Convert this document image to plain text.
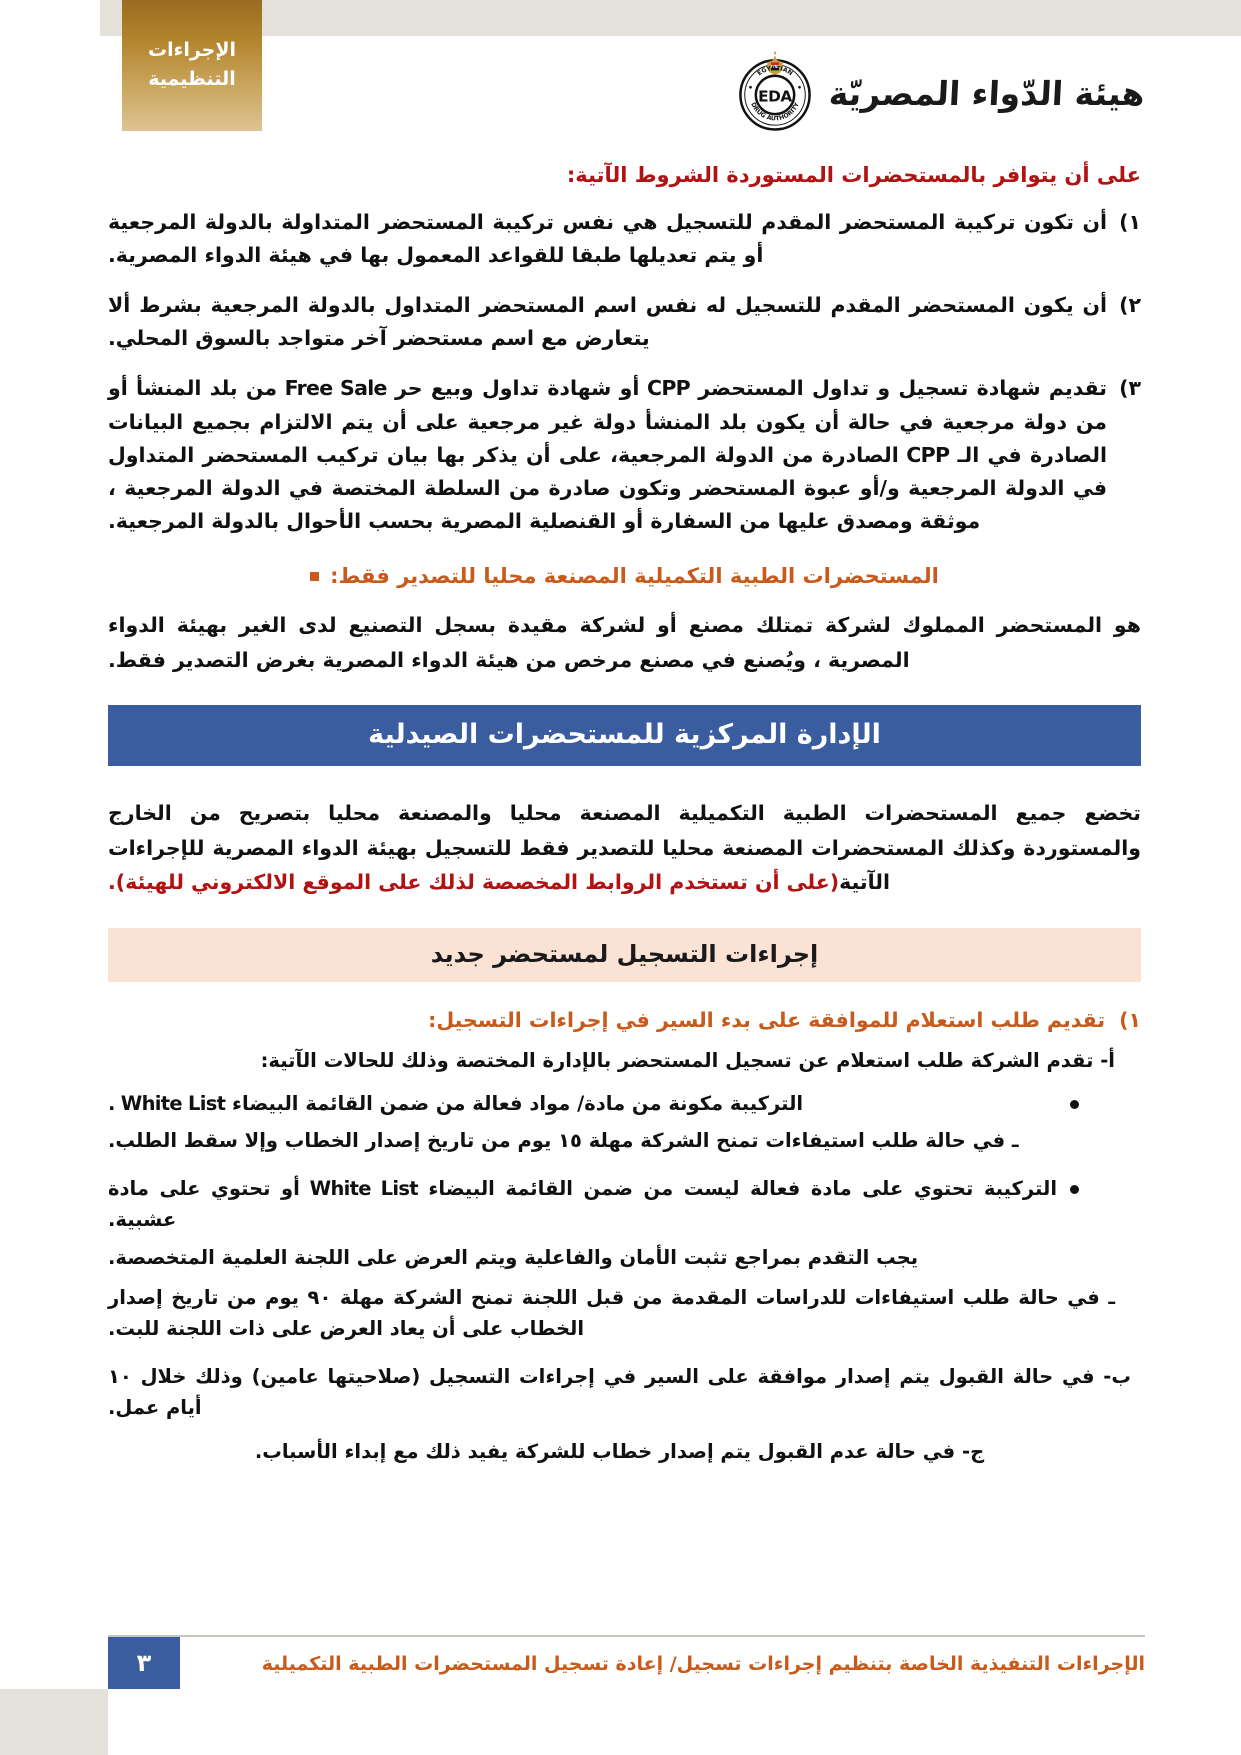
الإجراءات
التنظيمية	هيئة الدّواء المصريّة
EDA
EGYPTIAN
DRUG AUTHORITY

على أن يتوافر بالمستحضرات المستوردة الشروط الآتية:

١)
أن تكون تركيبة المستحضر المقدم للتسجيل هي نفس تركيبة المستحضر المتداولة بالدولة المرجعية أو يتم تعديلها طبقا للقواعد المعمول بها في هيئة الدواء المصرية.
٢)
أن يكون المستحضر المقدم للتسجيل له نفس اسم المستحضر المتداول بالدولة المرجعية بشرط ألا يتعارض مع اسم مستحضر آخر متواجد بالسوق المحلي.
٣)
تقديم شهادة تسجيل و تداول المستحضر CPP أو شهادة تداول وبيع حر Free Sale من بلد المنشأ أو من دولة مرجعية في حالة أن يكون بلد المنشأ دولة غير مرجعية على أن يتم الالتزام بجميع البيانات الصادرة في الـ CPP الصادرة من الدولة المرجعية، على أن يذكر بها بيان تركيب المستحضر المتداول في الدولة المرجعية و/أو عبوة المستحضر وتكون صادرة من السلطة المختصة في الدولة المرجعية ، موثقة ومصدق عليها من السفارة أو القنصلية المصرية بحسب الأحوال بالدولة المرجعية.
المستحضرات الطبية التكميلية المصنعة محليا للتصدير فقط:

هو المستحضر المملوك لشركة تمتلك مصنع أو لشركة مقيدة بسجل التصنيع لدى الغير بهيئة الدواء المصرية ، ويُصنع في مصنع مرخص من هيئة الدواء المصرية بغرض التصدير فقط.

الإدارة المركزية للمستحضرات الصيدلية

تخضع جميع المستحضرات الطبية التكميلية المصنعة محليا والمصنعة محليا بتصريح من الخارج والمستوردة وكذلك المستحضرات المصنعة محليا للتصدير فقط للتسجيل بهيئة الدواء المصرية للإجراءات الآتية(على أن تستخدم الروابط المخصصة لذلك على الموقع الالكتروني للهيئة).

إجراءات التسجيل لمستحضر جديد
١)
تقديم طلب استعلام للموافقة على بدء السير في إجراءات التسجيل:

أ- تقدم الشركة طلب استعلام عن تسجيل المستحضر بالإدارة المختصة وذلك للحالات الآتية:

التركيبة مكونة من مادة/ مواد فعالة من ضمن القائمة البيضاء White List .

ـ في حالة طلب استيفاءات تمنح الشركة مهلة ١٥ يوم من تاريخ إصدار الخطاب وإلا سقط الطلب.

التركيبة تحتوي على مادة فعالة ليست من ضمن القائمة البيضاء White List أو تحتوي على مادة عشبية.

يجب التقدم بمراجع تثبت الأمان والفاعلية ويتم العرض على اللجنة العلمية المتخصصة.

ـ في حالة طلب استيفاءات للدراسات المقدمة من قبل اللجنة تمنح الشركة مهلة ٩٠ يوم من تاريخ إصدار الخطاب على أن يعاد العرض على ذات اللجنة للبت.

ب- في حالة القبول يتم إصدار موافقة على السير في إجراءات التسجيل (صلاحيتها عامين) وذلك خلال ١٠ أيام عمل.

ج- في حالة عدم القبول يتم إصدار خطاب للشركة يفيد ذلك مع إبداء الأسباب.

٣	الإجراءات التنفيذية الخاصة بتنظيم إجراءات تسجيل/ إعادة تسجيل المستحضرات الطبية التكميلية
